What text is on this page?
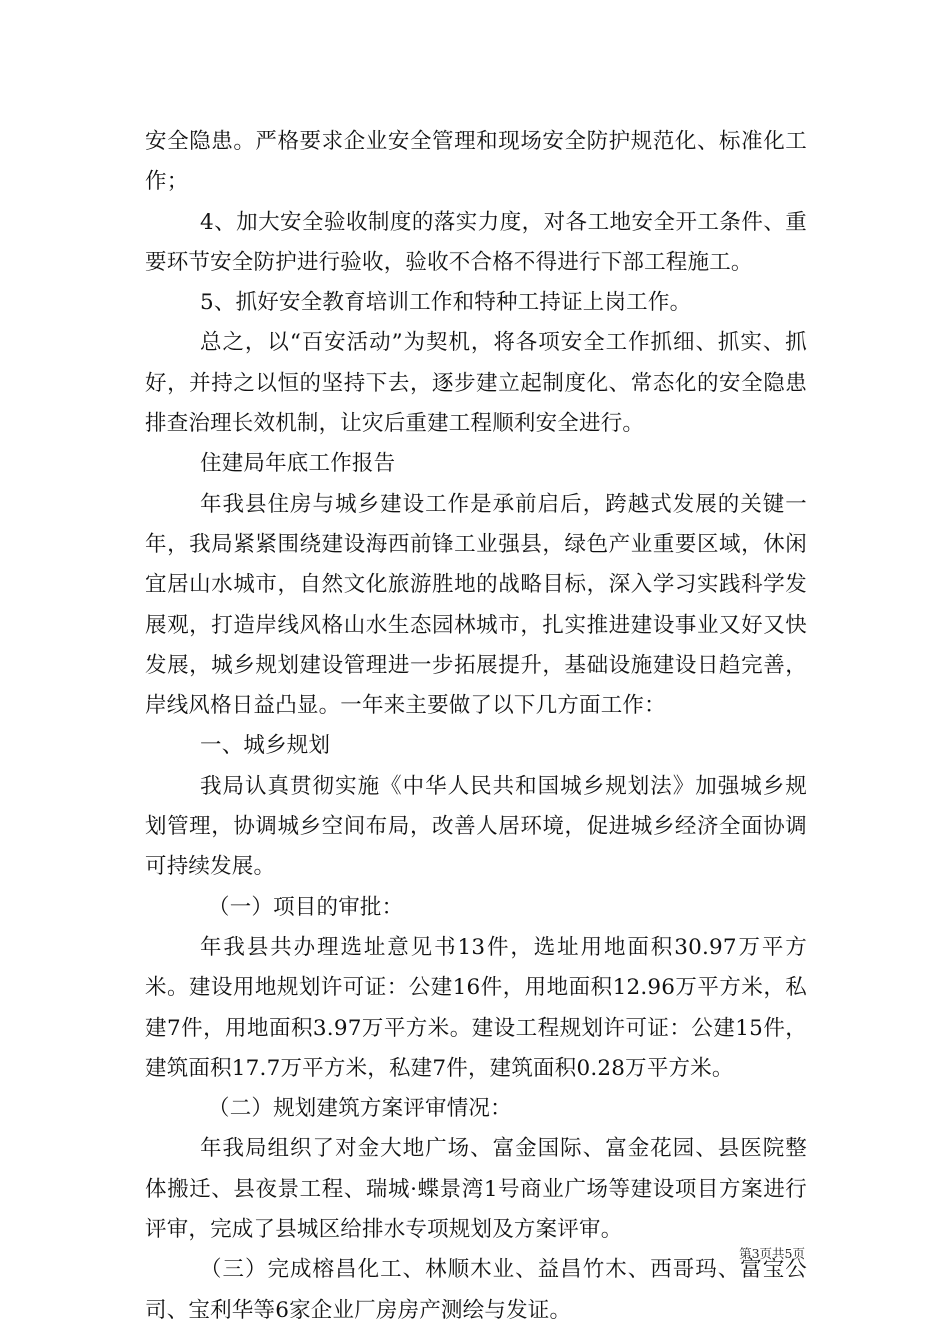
安全隐患。严格要求企业安全管理和现场安全防护规范化、标准化工作；

4、加大安全验收制度的落实力度，对各工地安全开工条件、重要环节安全防护进行验收，验收不合格不得进行下部工程施工。

5、抓好安全教育培训工作和特种工持证上岗工作。

总之，以“百安活动”为契机，将各项安全工作抓细、抓实、抓好，并持之以恒的坚持下去，逐步建立起制度化、常态化的安全隐患排查治理长效机制，让灾后重建工程顺利安全进行。

住建局年底工作报告

年我县住房与城乡建设工作是承前启后，跨越式发展的关键一年，我局紧紧围绕建设海西前锋工业强县，绿色产业重要区域，休闲宜居山水城市，自然文化旅游胜地的战略目标，深入学习实践科学发展观，打造岸线风格山水生态园林城市，扎实推进建设事业又好又快发展，城乡规划建设管理进一步拓展提升，基础设施建设日趋完善，岸线风格日益凸显。一年来主要做了以下几方面工作：

一、城乡规划

我局认真贯彻实施《中华人民共和国城乡规划法》加强城乡规划管理，协调城乡空间布局，改善人居环境，促进城乡经济全面协调可持续发展。

（一）项目的审批：

年我县共办理选址意见书13件，选址用地面积30.97万平方米。建设用地规划许可证：公建16件，用地面积12.96万平方米，私建7件，用地面积3.97万平方米。建设工程规划许可证：公建15件，建筑面积17.7万平方米，私建7件，建筑面积0.28万平方米。

（二）规划建筑方案评审情况：

年我局组织了对金大地广场、富金国际、富金花园、县医院整体搬迁、县夜景工程、瑞城·蝶景湾1号商业广场等建设项目方案进行评审，完成了县城区给排水专项规划及方案评审。

（三）完成榕昌化工、林顺木业、益昌竹木、西哥玛、富宝公司、宝利华等6家企业厂房房产测绘与发证。

第3页共5页
